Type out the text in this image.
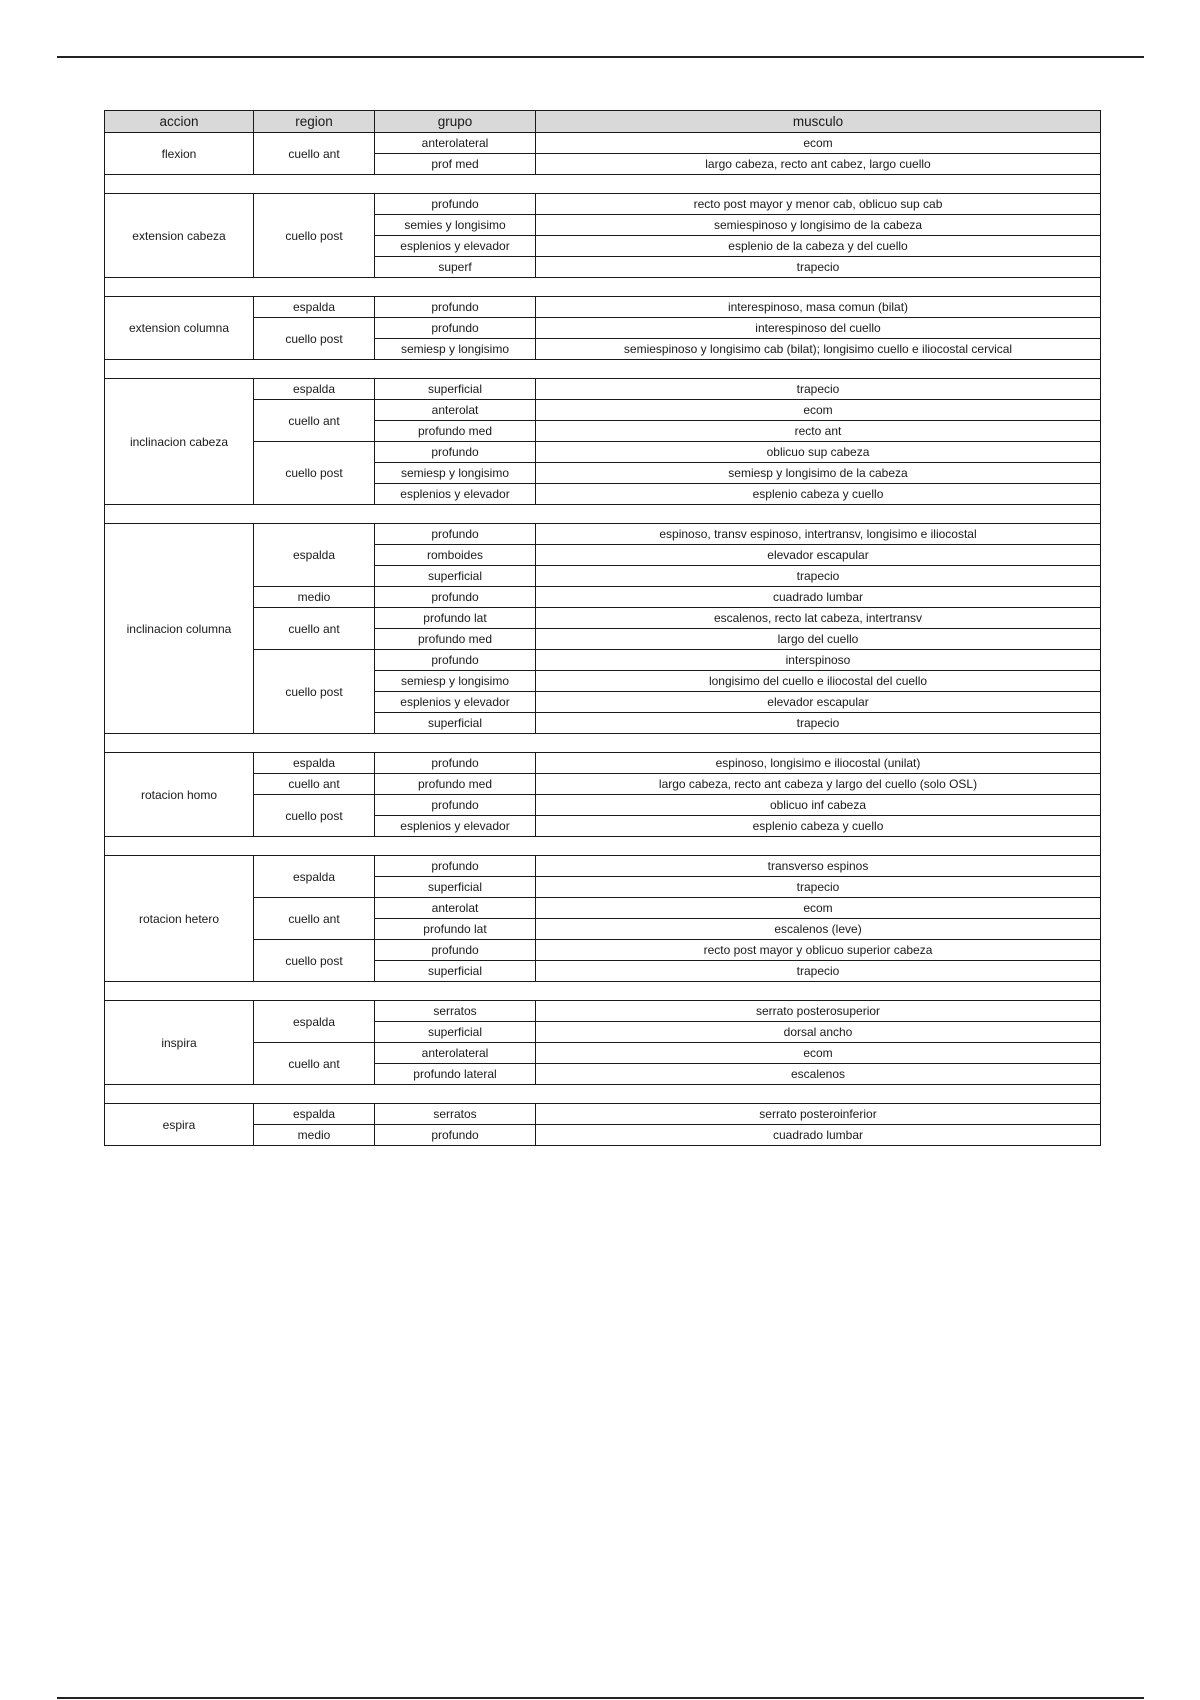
accion	region	grupo	musculo
flexion	cuello ant	anterolateral	ecom
		prof med	largo cabeza, recto ant cabez, largo cuello

extension cabeza	cuello post	profundo	recto post mayor y menor cab, oblicuo sup cab
		semies y longisimo	semiespinoso y longisimo de la cabeza
		esplenios y elevador	esplenio de la cabeza y del cuello
		superf	trapecio

extension columna	espalda	profundo	interespinoso, masa comun (bilat)
	cuello post	profundo	interespinoso del cuello
		semiesp y longisimo	semiespinoso y longisimo cab (bilat); longisimo cuello e iliocostal cervical

inclinacion cabeza	espalda	superficial	trapecio
	cuello ant	anterolat	ecom
		profundo med	recto ant
	cuello post	profundo	oblicuo sup cabeza
		semiesp y longisimo	semiesp y longisimo de la cabeza
		esplenios y elevador	esplenio cabeza y cuello

inclinacion columna	espalda	profundo	espinoso, transv espinoso, intertransv, longisimo e iliocostal
		romboides	elevador escapular
		superficial	trapecio
	medio	profundo	cuadrado lumbar
	cuello ant	profundo lat	escalenos, recto lat cabeza, intertransv
		profundo med	largo del cuello
	cuello post	profundo	interspinoso
		semiesp y longisimo	longisimo del cuello e iliocostal del cuello
		esplenios y elevador	elevador escapular
		superficial	trapecio

rotacion homo	espalda	profundo	espinoso, longisimo e iliocostal (unilat)
	cuello ant	profundo med	largo cabeza, recto ant cabeza y largo del cuello (solo OSL)
	cuello post	profundo	oblicuo inf cabeza
		esplenios y elevador	esplenio cabeza y cuello

rotacion hetero	espalda	profundo	transverso espinos
		superficial	trapecio
	cuello ant	anterolat	ecom
		profundo lat	escalenos (leve)
	cuello post	profundo	recto post mayor y oblicuo superior cabeza
		superficial	trapecio

inspira	espalda	serratos	serrato posterosuperior
		superficial	dorsal ancho
	cuello ant	anterolateral	ecom
		profundo lateral	escalenos

espira	espalda	serratos	serrato posteroinferior
	medio	profundo	cuadrado lumbar
